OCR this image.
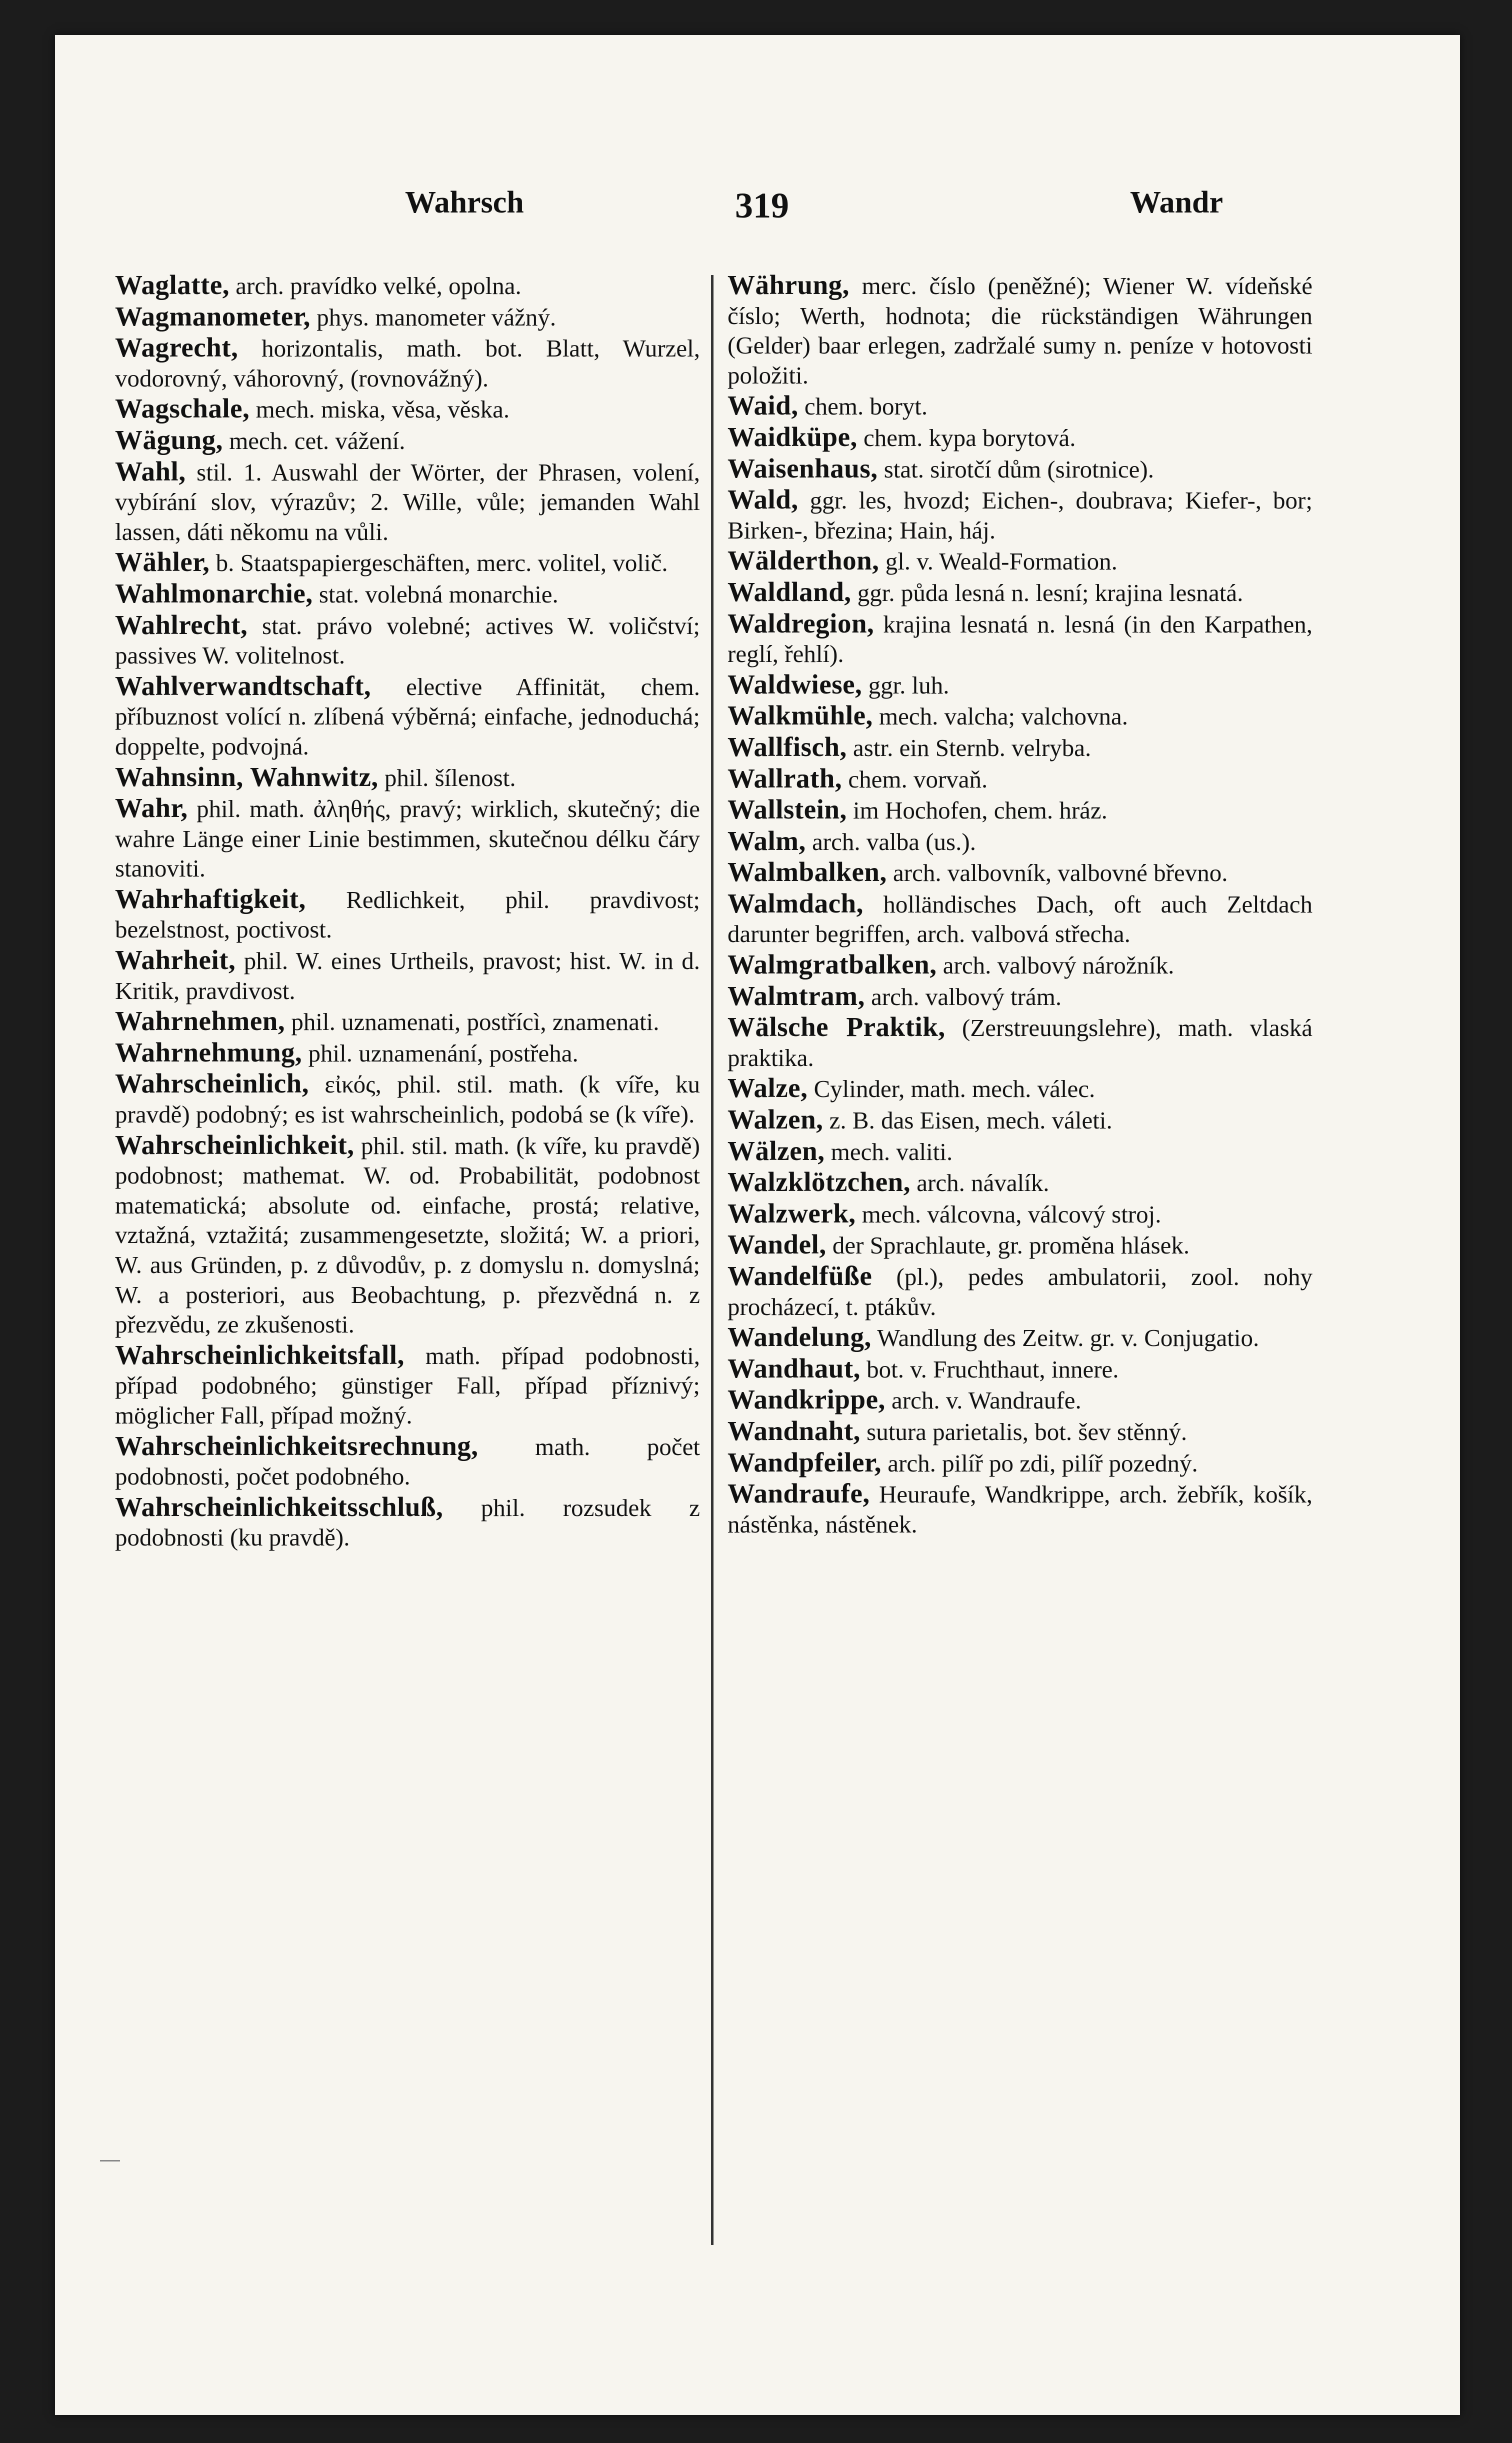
Wahrsch	319	Wandr
Waglatte, arch. pravídko velké, opolna.
Wagmanometer, phys. manometer vážný.
Wagrecht, horizontalis, math. bot. Blatt, Wurzel, vodorovný, váhorovný, (rovnovážný).
Wagschale, mech. miska, věsa, věska.
Wägung, mech. cet. vážení.
Wahl, stil. 1. Auswahl der Wörter, der Phrasen, volení, vybírání slov, výrazův; 2. Wille, vůle; jemanden Wahl lassen, dáti někomu na vůli.
Wähler, b. Staatspapiergeschäften, merc. volitel, volič.
Wahlmonarchie, stat. volebná monarchie.
Wahlrecht, stat. právo volebné; actives W. voličství; passives W. volitelnost.
Wahlverwandtschaft, elective Affinität, chem. příbuznost volící n. zlíbená výběrná; einfache, jednoduchá; doppelte, podvojná.
Wahnsinn, Wahnwitz, phil. šílenost.
Wahr, phil. math. ἀληθής, pravý; wirklich, skutečný; die wahre Länge einer Linie bestimmen, skutečnou délku čáry stanoviti.
Wahrhaftigkeit, Redlichkeit, phil. pravdivost; bezelstnost, poctivost.
Wahrheit, phil. W. eines Urtheils, pravost; hist. W. in d. Kritik, pravdivost.
Wahrnehmen, phil. uznamenati, postřícì, znamenati.
Wahrnehmung, phil. uznamenání, postřeha.
Wahrscheinlich, εἰκός, phil. stil. math. (k víře, ku pravdě) podobný; es ist wahrscheinlich, podobá se (k víře).
Wahrscheinlichkeit, phil. stil. math. (k víře, ku pravdě) podobnost; mathemat. W. od. Probabilität, podobnost matematická; absolute od. einfache, prostá; relative, vztažná, vztažitá; zusammengesetzte, složitá; W. a priori, W. aus Gründen, p. z důvodův, p. z domyslu n. domyslná; W. a posteriori, aus Beobachtung, p. přezvědná n. z přezvědu, ze zkušenosti.
Wahrscheinlichkeitsfall, math. případ podobnosti, případ podobného; günstiger Fall, případ příznivý; möglicher Fall, případ možný.
Wahrscheinlichkeitsrechnung, math. počet podobnosti, počet podobného.
Wahrscheinlichkeitsschluß, phil. rozsudek z podobnosti (ku pravdě).
Währung, merc. číslo (peněžné); Wiener W. vídeňské číslo; Werth, hodnota; die rückständigen Währungen (Gelder) baar erlegen, zadržalé sumy n. peníze v hotovosti položiti.
Waid, chem. boryt.
Waidküpe, chem. kypa borytová.
Waisenhaus, stat. sirotčí dům (sirotnice).
Wald, ggr. les, hvozd; Eichen-, doubrava; Kiefer-, bor; Birken-, březina; Hain, háj.
Wälderthon, gl. v. Weald-Formation.
Waldland, ggr. půda lesná n. lesní; krajina lesnatá.
Waldregion, krajina lesnatá n. lesná (in den Karpathen, reglí, řehlí).
Waldwiese, ggr. luh.
Walkmühle, mech. valcha; valchovna.
Wallfisch, astr. ein Sternb. velryba.
Wallrath, chem. vorvaň.
Wallstein, im Hochofen, chem. hráz.
Walm, arch. valba (us.).
Walmbalken, arch. valbovník, valbovné břevno.
Walmdach, holländisches Dach, oft auch Zeltdach darunter begriffen, arch. valbová střecha.
Walmgratbalken, arch. valbový nárožník.
Walmtram, arch. valbový trám.
Wälsche Praktik, (Zerstreuungslehre), math. vlaská praktika.
Walze, Cylinder, math. mech. válec.
Walzen, z. B. das Eisen, mech. váleti.
Wälzen, mech. valiti.
Walzklötzchen, arch. návalík.
Walzwerk, mech. válcovna, válcový stroj.
Wandel, der Sprachlaute, gr. proměna hlásek.
Wandelfüße (pl.), pedes ambulatorii, zool. nohy procházecí, t. ptákův.
Wandelung, Wandlung des Zeitw. gr. v. Conjugatio.
Wandhaut, bot. v. Fruchthaut, innere.
Wandkrippe, arch. v. Wandraufe.
Wandnaht, sutura parietalis, bot. šev stěnný.
Wandpfeiler, arch. pilíř po zdi, pilíř pozedný.
Wandraufe, Heuraufe, Wandkrippe, arch. žebřík, košík, nástěnka, nástěnek.
